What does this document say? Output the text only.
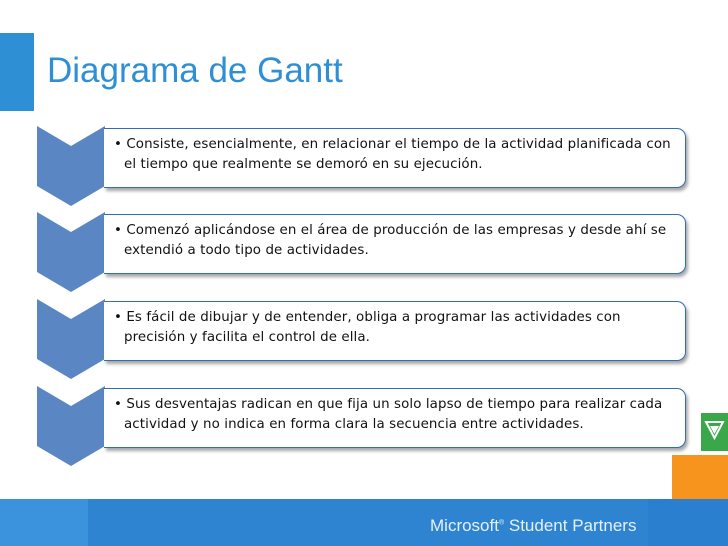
Diagrama de Gantt
• Consiste, esencialmente, en relacionar el tiempo de la actividad planificada con el tiempo que realmente se demoró en su ejecución.
• Comenzó aplicándose en el área de producción de las empresas y desde ahí se extendió a todo tipo de actividades.
• Es fácil de dibujar y de entender, obliga a programar las actividades con precisión y facilita el control de ella.
• Sus desventajas radican en que fija un solo lapso de tiempo para realizar cada actividad y no indica en forma clara la secuencia entre actividades.
Microsoft® Student Partners
